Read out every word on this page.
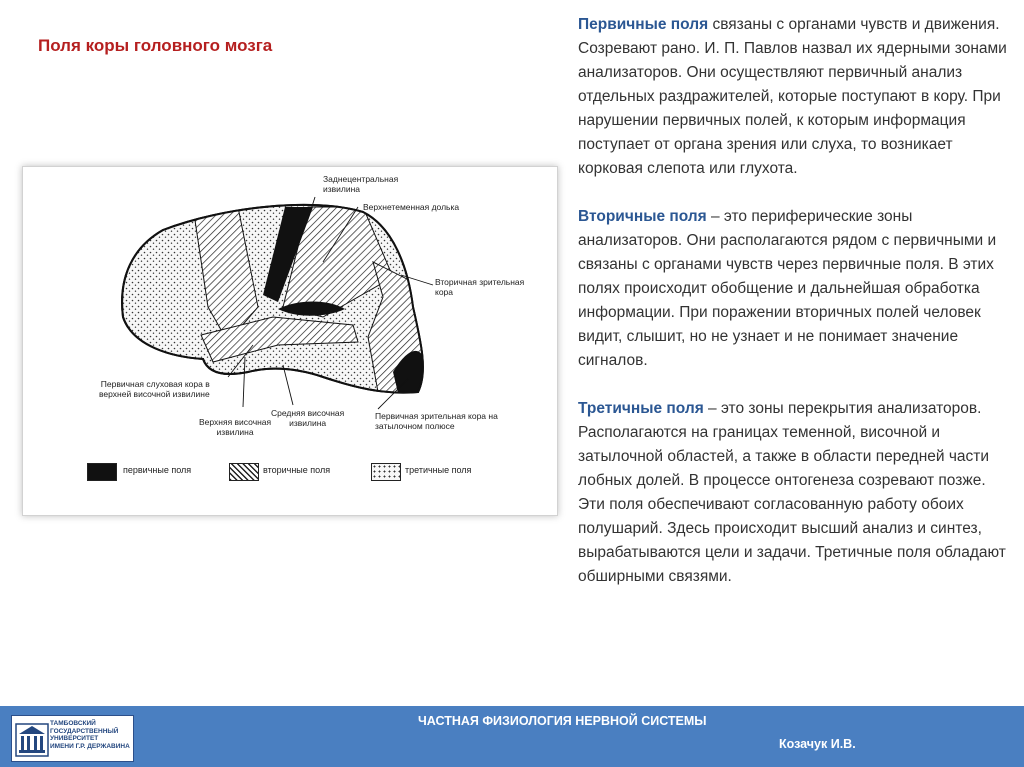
Поля коры головного мозга
Заднецентральная
извилина
Верхнетеменная долька
Вторичная зрительная
кора
Первичная слуховая кора в
верхней височной извилине
Верхняя височная
извилина
Средняя височная
извилина
Первичная зрительная кора на
затылочном полюсе
первичные поля	вторичные поля	третичные поля

Первичные поля связаны с органами чувств и движения. Созревают рано. И. П. Павлов назвал их ядерными зонами анализаторов. Они осуществляют первичный анализ отдельных раздражителей, которые поступают в кору. При нарушении первичных полей, к которым информация поступает от органа зрения или слуха, то возникает корковая слепота или глухота.

Вторичные поля – это периферические зоны анализаторов. Они располагаются рядом с первичными и связаны с органами чувств через первичные поля. В этих полях происходит обобщение и дальнейшая обработка информации. При поражении вторичных полей человек видит, слышит, но не узнает и не понимает значение сигналов.

Третичные поля – это зоны перекрытия анализаторов. Располагаются на границах теменной, височной и затылочной областей, а также в области передней части лобных долей. В процессе онтогенеза созревают позже. Эти поля обеспечивают согласованную работу обоих полушарий. Здесь происходит высший анализ и синтез, вырабатываются цели и задачи. Третичные поля обладают обширными связями.

ТАМБОВСКИЙ
ГОСУДАРСТВЕННЫЙ
УНИВЕРСИТЕТ
ИМЕНИ Г.Р. ДЕРЖАВИНА
ЧАСТНАЯ ФИЗИОЛОГИЯ НЕРВНОЙ СИСТЕМЫ
Козачук И.В.
